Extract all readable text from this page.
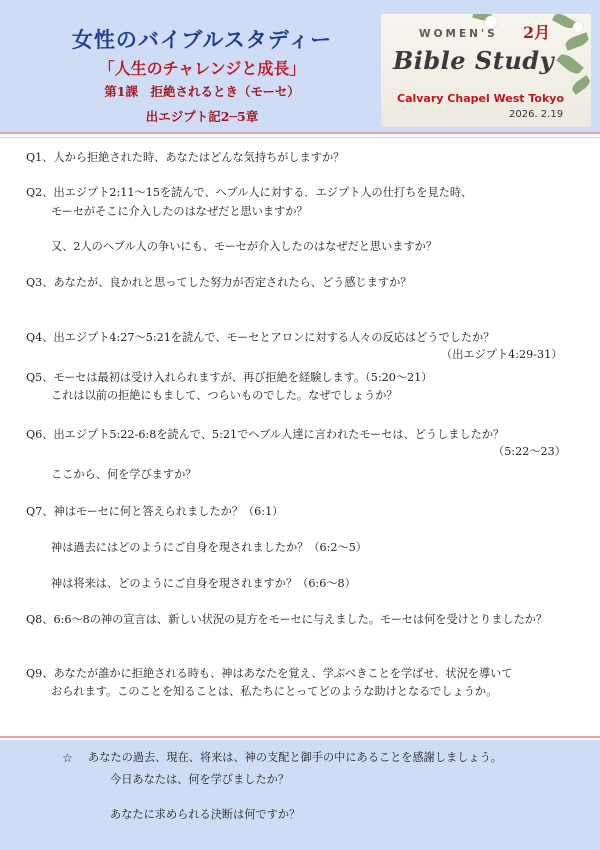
女性のバイブルスタディー
「人生のチャレンジと成長」
第1課　拒絶されるとき（モーセ）
出エジプト記2─5章
WOMEN'S 2月
Bible Study
Calvary Chapel West Tokyo
2026. 2.19
Q1、人から拒絶された時、あなたはどんな気持ちがしますか？
Q2、出エジプト2:11〜15を読んで、ヘブル人に対する．エジプト人の仕打ちを見た時、
モーセがそこに介入したのはなぜだと思いますか？
又、2人のヘブル人の争いにも、モーセが介入したのはなぜだと思いますか？
Q3、あなたが、良かれと思ってした努力が否定されたら、どう感じますか？
Q4、出エジプト4:27〜5:21を読んで、モーセとアロンに対する人々の反応はどうでしたか？
（出エジプト4:29-31）
Q5、モーセは最初は受け入れられますが、再び拒絶を経験します。（5:20〜21）
これは以前の拒絶にもまして、つらいものでした。なぜでしょうか？
Q6、出エジプト5:22-6:8を読んで、5:21でヘブル人達に言われたモーセは、どうしましたか？
（5:22〜23）
ここから、何を学びますか？
Q7、神はモーセに何と答えられましたか？（6:1）
神は過去にはどのようにご自身を現されましたか？（6:2〜5）
神は将来は、どのようにご自身を現されますか？（6:6〜8）
Q8、6:6〜8の神の宣言は、新しい状況の見方をモーセに与えました。モーセは何を受けとりましたか？
Q9、あなたが誰かに拒絶される時も、神はあなたを覚え、学ぶべきことを学ばせ、状況を導いて
おられます。このことを知ることは、私たちにとってどのような助けとなるでしょうか。
☆ あなたの過去、現在、将来は、神の支配と御手の中にあることを感謝しましょう。
今日あなたは、何を学びましたか？
あなたに求められる決断は何ですか？
